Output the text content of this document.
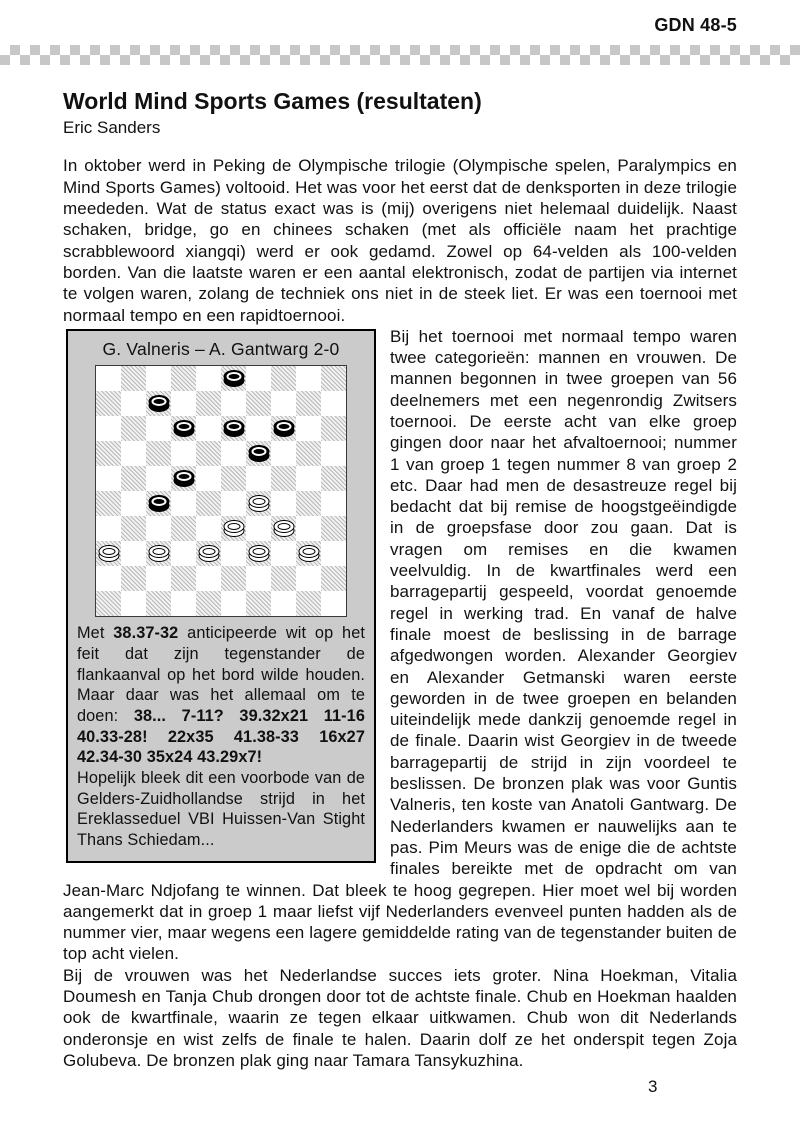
GDN 48-5
World Mind Sports Games (resultaten)
Eric Sanders

In oktober werd in Peking de Olympische trilogie (Olympische spelen, Paralympics en Mind Sports Games) voltooid. Het was voor het eerst dat de denksporten in deze trilogie meededen. Wat de status exact was is (mij) overigens niet helemaal duidelijk. Naast schaken, bridge, go en chinees schaken (met als officiële naam het prachtige scrabblewoord xiangqi) werd er ook gedamd. Zowel op 64-velden als 100-velden borden. Van die laatste waren er een aantal elektronisch, zodat de partijen via internet te volgen waren, zolang de techniek ons niet in de steek liet. Er was een toernooi met normaal tempo en een rapidtoernooi.

G. Valneris – A. Gantwarg 2-0

Met 38.37-32 anticipeerde wit op het feit dat zijn tegenstander de flankaanval op het bord wilde houden. Maar daar was het allemaal om te doen: 38... 7-11? 39.32x21 11-16 40.33-28! 22x35 41.38-33 16x27 42.34-30 35x24 43.29x7!

Hopelijk bleek dit een voorbode van de Gelders-Zuidhollandse strijd in het Ereklasseduel VBI Huissen-Van Stight Thans Schiedam...

Bij het toernooi met normaal tempo waren twee categorieën: mannen en vrouwen. De mannen begonnen in twee groepen van 56 deelnemers met een negenrondig Zwitsers toernooi. De eerste acht van elke groep gingen door naar het afvaltoernooi; nummer 1 van groep 1 tegen nummer 8 van groep 2 etc. Daar had men de desastreuze regel bij bedacht dat bij remise de hoogstgeëindigde in de groepsfase door zou gaan. Dat is vragen om remises en die kwamen veelvuldig. In de kwartfinales werd een barragepartij gespeeld, voordat genoemde regel in werking trad. En vanaf de halve finale moest de beslissing in de barrage afgedwongen worden. Alexander Georgiev en Alexander Getmanski waren eerste geworden in de twee groepen en belanden uiteindelijk mede dankzij genoemde regel in de finale. Daarin wist Georgiev in de tweede barragepartij de strijd in zijn voordeel te beslissen. De bronzen plak was voor Guntis Valneris, ten koste van Anatoli Gantwarg. De Nederlanders kwamen er nauwelijks aan te pas. Pim Meurs was de enige die de achtste finales bereikte met de opdracht om van Jean-Marc Ndjofang te winnen. Dat bleek te hoog gegrepen. Hier moet wel bij worden aangemerkt dat in groep 1 maar liefst vijf Nederlanders evenveel punten hadden als de nummer vier, maar wegens een lagere gemiddelde rating van de tegenstander buiten de top acht vielen.

Bij de vrouwen was het Nederlandse succes iets groter. Nina Hoekman, Vitalia Doumesh en Tanja Chub drongen door tot de achtste finale. Chub en Hoekman haalden ook de kwartfinale, waarin ze tegen elkaar uitkwamen. Chub won dit Nederlands onderonsje en wist zelfs de finale te halen. Daarin dolf ze het onderspit tegen Zoja Golubeva. De bronzen plak ging naar Tamara Tansykuzhina.

3
